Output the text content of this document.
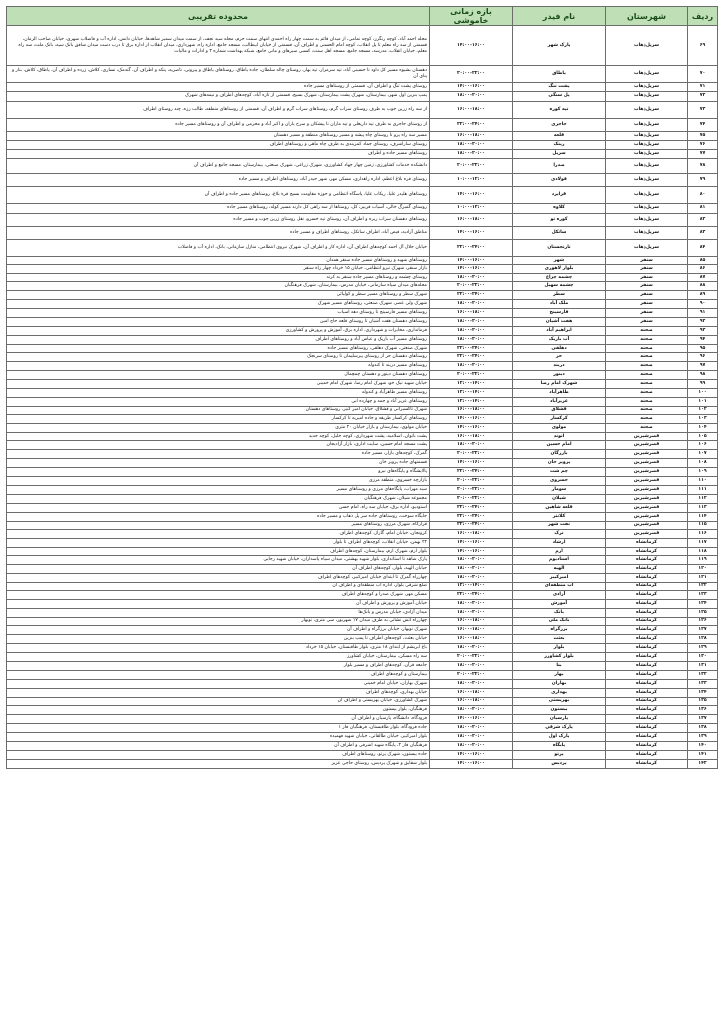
ردیف	شهرستان	نام فیدر	بازه زمانی خاموشی	محدوده تقریبی
۶۹	سرپل‌ذهاب	پارک شهر	۱۴:۰۰-۱۶:۰۰	محله احمد آباد، کوچه رنگرز، کوچه نمامی، از میدان قائم به سمت چهار راه احمدی انتهای سمت حرم، محله سید نجف، از سمت میدان سمیر شاهدها، خیابان دانش، اداره آب و فاضلاب شهری، خیابان صاحب الزمان، قسمتی از سه راه معلم تا پل انقلاب، کوچه امام الحسنی و اطراف آن، قسمتی از خیابان ابیطالب، مسجد جامع، اداره راه، شهرداری، میدان انقلاب از اداره برق تا درب دست میدان شافق بانک سپه، بانک ملت، سه راه معلم، خیابان انقلاب، مدرسه، مسجد جامع، مسجد اهل سنت، کسبی سیرهای و مانی جامع، شبکه بهداشت شماره ۳ و ادارات و مالیات
۷۰	سرپل‌ذهاب	یاطاق	۲۰:۰۰-۲۲:۰۰	دهستان بشیوه مسیر کل داود تا حسینی آباد، تپه سرمزار، تپه بهار، روستای چاله سلطان، جاده یاطاق، روستاهای یاطاق و پیرونی، ناصریه، پتکه و اطراف آن، گندمک، نساری، کلاش، زرده و اطراف آن، پاطاق، کلاش، بنار و پنای آن
۷۱	سرپل‌ذهاب	پشت تنگ	۱۴:۰۰-۱۶:۰۰	روستای پشت تنگ و اطراف آن، قسمتی از روستاهای مسیر جاده
۷۲	سرپل‌ذهاب	پل سنگی	۱۸:۰۰-۲۰:۰۰	پمپ بنزین اول شهر، بیمارستان، شهرک پشت بیمارستان، شهرک بسیج، قسمتی از تازه آباد، کوچه‌های اطراف و نیمه‌های شهرک
۷۳	سرپل‌ذهاب	تپه کوره	۱۶:۰۰-۱۸:۰۰	از سه راه زرین جوب به طرف روستای سراب گرم، روستاهای سراب گرم و اطراف آن، قسمتی از روستاهای منطقه، طالب رزه، چند روستای اطراف
۷۴	سرپل‌ذهاب	جاجری	۲۲:۰۰-۲۴:۰۰	از روستای جاجری به طرف تپه داریعلی و تپه ماران تا پیشکان و سرخ یاران و اکبر آباد و محرمی و اطراف آن و روستاهای مسیر جاده
۷۵	سرپل‌ذهاب	قلعه	۱۶:۰۰-۱۸:۰۰	مسیر سه راه پرو تا روستای چاه پیشه و مسیر روستاهای منطقه و مسیر دهستان
۷۶	سرپل‌ذهاب	ریتک	۱۸:۰۰-۲۰:۰۰	روستای ساراشرف، روستای جماد کمربندی به طرف چاه ماهی و روستاهای اطراف
۷۷	سرپل‌ذهاب	سرپل	۱۸:۰۰-۲۰:۰۰	روستاهای مسیر جاده و اطراف
۷۸	سرپل‌ذهاب	صدرا	۲۰:۰۰-۲۲:۰۰	دانشکده خدمات کشاورزی، زمین چهار جهاد کشاورزی، شهرک زراعی، شهرک صنعتی، بیمارستان، مسجد جامع و اطراف آن
۷۹	سرپل‌ذهاب	فولادی	۱۰:۰۰-۱۲:۰۰	روستای قره بلاغ اعظم، اداره راهداری، مسکن مهر، شهر حیدر آباد، روستاهای اطراف و مسیر جاده
۸۰	سرپل‌ذهاب	قرایزد	۱۴:۰۰-۱۶:۰۰	روستاهای هلیدر علیا، ریکاب علیا، پاسگاه انتظامی و حوزه مقاومت بسیج قره بلاغ، روستاهای مسیر جاده و اطراف آن
۸۱	سرپل‌ذهاب	کلاوه	۱۰:۰۰-۱۲:۰۰	روستای گمبزگ خالی، آسیاب قربیر، کل، روستاها از سه راهی کل دارند مسیر کوله، روستاهای مسیر جاده
۸۲	سرپل‌ذهاب	کوره تو	۱۶:۰۰-۱۸:۰۰	روستاهای دهستان سراب ریزه و اطراف آن، روستای تپه خسرو، نقل روستای زرین جوب و مسیر جاده
۸۳	سرپل‌ذهاب	ساتکل	۱۴:۰۰-۱۶:۰۰	مناطق آزادیه، فیض آباد، اطراف ساتکل، روستاهای اطراف و مسیر جاده
۸۴	سرپل‌ذهاب	نارنجستان	۲۲:۰۰-۲۴:۰۰	خیابان جلال آل احمد کوچه‌های اطراف آن، اداره کار و اطراف آن، شهرک نیروی انتظامی، منازل سازمانی، بانک، اداره آب و فاضلاب
۸۵	سنقر	شهر	۱۴:۰۰-۱۶:۰۰	روستاهای شهید و روستاهای مسیر جاده سنقر همدان
۸۶	سنقر	بلوار لاهوری	۱۴:۰۰-۱۶:۰۰	بازار سنقر، شهرک نیرو انتظامی، خیابان ۱۵ خرداد چهار راه سنقر
۸۷	سنقر	چشمه چراغ	۱۸:۰۰-۲۰:۰۰	روستای چشمه و روستاهای مسیر جاده سنقر به کرند
۸۸	سنقر	چشمه سهیل	۲۰:۰۰-۲۲:۰۰	محله‌های میدان سپاه سازمانی، خیابان مدرس، بیمارستان، شهرک فرهنگیان
۸۹	سنقر	سطر	۲۲:۰۰-۲۴:۰۰	شهرک سطر و روستاهای مسیر سطر و کولیائی
۹۰	سنقر	ملک آباد	۱۸:۰۰-۲۰:۰۰	شهرک ولی عصر، شهرک صنعتی، روستاهای مسیر شهرک
۹۱	سنقر	فارسینج	۱۶:۰۰-۱۸:۰۰	روستاهای مسیر فارسینج تا روستای دهه اسیاب
۹۲	سنقر	هفت آشیان	۱۸:۰۰-۲۰:۰۰	روستاهای دهستان هفت آشیان تا روستای قلعه حاج امین
۹۳	صحنه	ابراهیم آباد	۱۸:۰۰-۲۰:۰۰	فرمانداری، مخابرات و شهرداری، اداره برق، آموزش و پرورش و کشاورزی
۹۴	صحنه	آب باریک	۱۸:۰۰-۲۰:۰۰	روستاهای مسیر آب باریک و عباس آباد و روستاهای اطراف
۹۵	صحنه	دهلقی	۲۲:۰۰-۲۴:۰۰	شهرک صنعتی، شهرک دهلقی، روستاهای مسیر جاده
۹۶	صحنه	حر	۲۲:۰۰-۲۴:۰۰	روستاهای دهستان حر از روستای پیرسلیمان تا روستای سرنجک
۹۷	صحنه	دربند	۱۸:۰۰-۲۰:۰۰	روستاهای مسیر دربند تا کندوله
۹۸	صحنه	دینور	۲۰:۰۰-۲۲:۰۰	روستاهای دهستان دینور و دهستان چمچمال
۹۹	صحنه	شهرک امام رضا	۱۲:۰۰-۱۴:۰۰	خیابان شهید نیک خو، شهرک امام رضا، شهرک امام خمینی
۱۰۰	صحنه	طاهرآباد	۱۲:۰۰-۱۴:۰۰	روستاهای مسیر طاهرآباد و کندوله
۱۰۱	صحنه	عزیزآباد	۱۲:۰۰-۱۴:۰۰	روستاهای عزیز آباد و جمه و چهارده ابی
۱۰۲	صحنه	قشلاق	۱۶:۰۰-۱۸:۰۰	شهرک تاکسیرانی و قشلاق، خیابان امیر کبیر، روستاهای دهستان
۱۰۳	صحنه	کرکسار	۱۴:۰۰-۱۶:۰۰	روستاهای کرکسار طریقه و جاده امیریه تا کرکسار
۱۰۴	صحنه	مولوی	۱۴:۰۰-۱۶:۰۰	خیابان مولوی، بیمارستان و بازار خیابان ۲۰ متری
۱۰۵	قصرشیرین	انوند	۱۶:۰۰-۱۸:۰۰	پشت بانوان، اسلامیه، پشت شهرداری، کوچه خلیل، کوچه جدید
۱۰۶	قصرشیرین	امام حسین	۱۸:۰۰-۲۰:۰۰	پشت مسجد امام حسین، سایت اداری، بازار آزادیجان
۱۰۷	قصرشیرین	بازرگان	۲۰:۰۰-۲۲:۰۰	گمرک، کوچه‌های بازار، مسیر جاده
۱۰۸	قصرشیرین	پرویز خان	۱۴:۰۰-۱۶:۰۰	قسمتهای جاده پرویز خان
۱۰۹	قصرشیرین	چم شت	۲۲:۰۰-۲۴:۰۰	پالایشگاه و پایگاه‌های نیرو
۱۱۰	قصرشیرین	خسروی	۲۰:۰۰-۲۲:۰۰	بازارچه خسروی، منطقه مرزی
۱۱۱	قصرشیرین	سومار	۲۰:۰۰-۲۲:۰۰	سید مهراب، پایگاه‌های مرزی و روستاهای مسیر
۱۱۲	قصرشیرین	شیلان	۲۰:۰۰-۲۲:۰۰	مجموعه شیلان، شهرک فرهنگیان
۱۱۳	قصرشیرین	قلعه شاهین	۲۲:۰۰-۲۴:۰۰	استودیو، اداره برق، خیابان سه راه، امام حسن
۱۱۴	قصرشیرین	کلانتر	۲۲:۰۰-۲۴:۰۰	جایگاه سوخت، روستاهای جاده سر پل ذهاب و مسیر جاده
۱۱۵	قصرشیرین	نفت شهر	۲۲:۰۰-۲۴:۰۰	قرارگاه، شهرک مرزی، روستاهای مسیر
۱۱۶	قصرشیرین	ترک	۱۶:۰۰-۱۸:۰۰	کرونجان، خیابان امام، گاراژ، کوچه‌های اطراف
۱۱۷	کرمانشاه	ارشاد	۱۴:۰۰-۱۶:۰۰	۲۲ بهمن، خیابان انقلاب، کوچه‌های اطراف تا بلوار
۱۱۸	کرمانشاه	ارم	۱۴:۰۰-۱۶:۰۰	بلوار ارم، شهرک ارم، بیمارستان، کوچه‌های اطراف
۱۱۹	کرمانشاه	استادیوم	۱۸:۰۰-۲۰:۰۰	پارک شاهد تا استانداری، بلوار شهید بهشتی، میدان سپاه پاسداران، خیابان شهید رجایی
۱۲۰	کرمانشاه	الهیه	۱۸:۰۰-۲۰:۰۰	خیابان الهیه، بلوار، کوچه‌های اطراف آن
۱۲۱	کرمانشاه	امیرکبیر	۱۸:۰۰-۲۰:۰۰	چهارراه گمرک تا ابتدای خیابان امیرکبیر، کوچه‌های اطراف
۱۲۲	کرمانشاه	آب منطقه‌ای	۱۲:۰۰-۱۴:۰۰	ضلع شرقی بلوار، اداره آب منطقه‌ای و اطراف آن
۱۲۳	کرمانشاه	آزادی	۲۲:۰۰-۲۴:۰۰	مسکن مهر، شهرک صدرا و کوچه‌های اطراف
۱۲۴	کرمانشاه	آموزش	۱۸:۰۰-۲۰:۰۰	خیابان آموزش و پرورش و اطراف آن
۱۲۵	کرمانشاه	بانک	۱۸:۰۰-۲۰:۰۰	میدان آزادی، خیابان مدرس و بانک‌ها
۱۲۶	کرمانشاه	بانک ملی	۱۶:۰۰-۱۸:۰۰	چهارراه آتش نشانی به طرف میدان ۱۷ شهریور، سی متری، نوبهار
۱۲۷	کرمانشاه	برزگراه	۱۶:۰۰-۱۸:۰۰	شهرک نوبهار، خیابان برزگراه و اطراف آن
۱۲۸	کرمانشاه	بعثت	۱۶:۰۰-۱۸:۰۰	خیابان بعثت، کوچه‌های اطراف تا پمپ بنزین
۱۲۹	کرمانشاه	بلوار	۱۸:۰۰-۲۰:۰۰	باغ ابریشم از ابتدای ۱۸ متری، بلوار طاقبستان، خیابان ۱۵ خرداد
۱۳۰	کرمانشاه	بلوار کشاورز	۲۰:۰۰-۲۲:۰۰	سه راه مسکن، بیمارستان، خیابان کشاورز
۱۳۱	کرمانشاه	بنا	۱۸:۰۰-۲۰:۰۰	جامعه قرآن، کوچه‌های اطراف و مسیر بلوار
۱۳۲	کرمانشاه	بهار	۲۰:۰۰-۲۲:۰۰	بیمارستان و کوچه‌های اطراف
۱۳۳	کرمانشاه	بهاران	۱۸:۰۰-۲۰:۰۰	شهرک بهاران، خیابان امام خمینی
۱۳۴	کرمانشاه	بهداری	۱۶:۰۰-۱۸:۰۰	خیابان بهداری، کوچه‌های اطراف
۱۳۵	کرمانشاه	بهزیستی	۱۶:۰۰-۱۸:۰۰	شهرک کشاورزی، خیابان بهزیستی و اطراف آن
۱۳۶	کرمانشاه	بیستون	۱۸:۰۰-۲۰:۰۰	فرهنگیان، بلوار بیستون
۱۳۷	کرمانشاه	پارسیان	۱۴:۰۰-۱۶:۰۰	فرودگاه، دانشگاه، پارسیان و اطراف آن
۱۳۸	کرمانشاه	پارک شرقی	۱۸:۰۰-۲۰:۰۰	جاده فرودگاه، بلوار طاقبستان، فرهنگیان فاز ۱
۱۳۹	کرمانشاه	پارک اول	۱۸:۰۰-۲۰:۰۰	بلوار امیرکبیر، خیابان طالقانی، خیابان شهید فهمیده
۱۴۰	کرمانشاه	پایگاه	۱۸:۰۰-۲۰:۰۰	فرهنگیان فاز ۲، پایگاه شهید اشرفی و اطراف آن
۱۴۱	کرمانشاه	پرتو	۱۴:۰۰-۱۶:۰۰	جاده بیستون، شهرک پرتو، روستاهای اطراف
۱۴۲	کرمانشاه	پردیس	۱۴:۰۰-۱۶:۰۰	بلوار شقایق و شهرک پردیس، روستای حاجی عزیز
